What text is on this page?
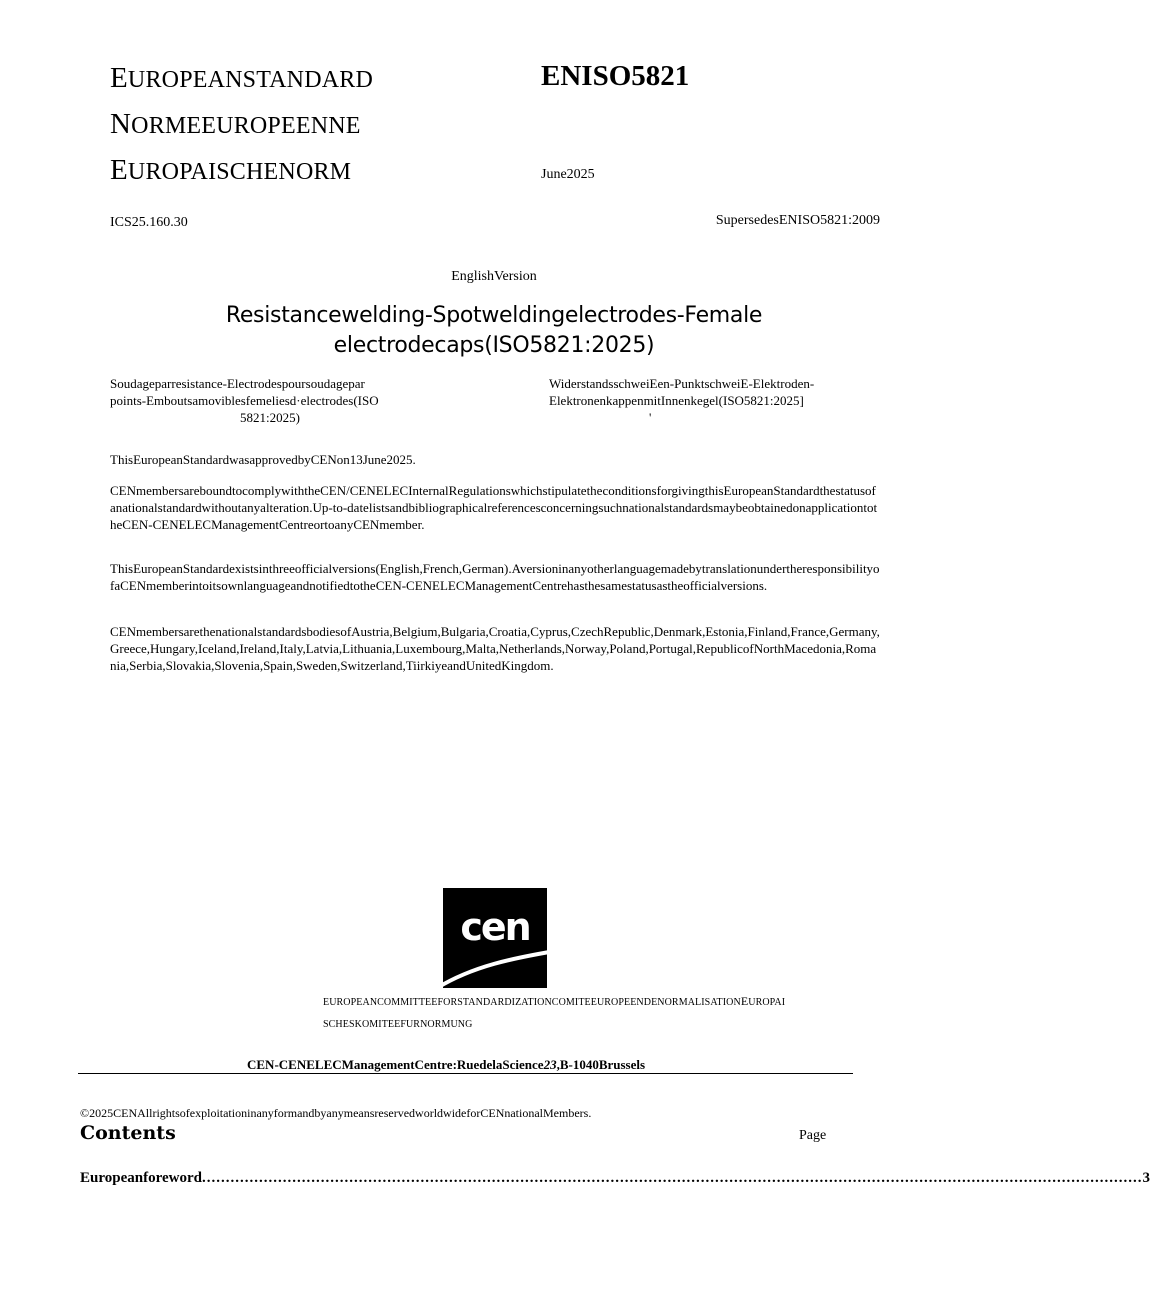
EUROPEANSTANDARD
NORMEEUROPEENNE
EUROPAISCHENORM
ENISO5821
June2025
ICS25.160.30	SupersedesENISO5821:2009
EnglishVersion
Resistancewelding-Spotweldingelectrodes-Female
electrodecaps(ISO5821:2025)
Soudageparresistance-Electrodespoursoudagepar
points-Emboutsamoviblesfemeliesd·electrodes(ISO
5821:2025)
WiderstandsschweiEen-PunktschweiE-Elektroden-
ElektronenkappenmitInnenkegel(ISO5821:2025]
'
ThisEuropeanStandardwasapprovedbyCENon13June2025.
CENmembersareboundtocomplywiththeCEN/CENELECInternalRegulationswhichstipulatetheconditionsforgivingthisEuropeanStandardthestatusofanationalstandardwithoutanyalteration.Up-to-datelistsandbibliographicalreferencesconcerningsuchnationalstandardsmaybeobtainedonapplicationtotheCEN-CENELECManagementCentreortoanyCENmember.
ThisEuropeanStandardexistsinthreeofficialversions(English,French,German).AversioninanyotherlanguagemadebytranslationundertheresponsibilityofaCENmemberintoitsownlanguageandnotifiedtotheCEN-CENELECManagementCentrehasthesamestatusastheofficialversions.
CENmembersarethenationalstandardsbodiesofAustria,Belgium,Bulgaria,Croatia,Cyprus,CzechRepublic,Denmark,Estonia,Finland,France,Germany,Greece,Hungary,Iceland,Ireland,Italy,Latvia,Lithuania,Luxembourg,Malta,Netherlands,Norway,Poland,Portugal,RepublicofNorthMacedonia,Romania,Serbia,Slovakia,Slovenia,Spain,Sweden,Switzerland,TiirkiyeandUnitedKingdom.
cen
EUROPEANCOMMITTEEFORSTANDARDIZATIONCOMITEEUROPEENDENORMALISATIONEUROPAI
SCHESKOMITEEFURNORMUNG
CEN-CENELECManagementCentre:RuedelaScience23,B-1040Brussels
©2025CENAllrightsofexploitationinanyformandbyanymeansreservedworldwideforCENnationalMembers.
Contents	Page
Europeanforeword ...................................................................................................................................................................................................... 3
